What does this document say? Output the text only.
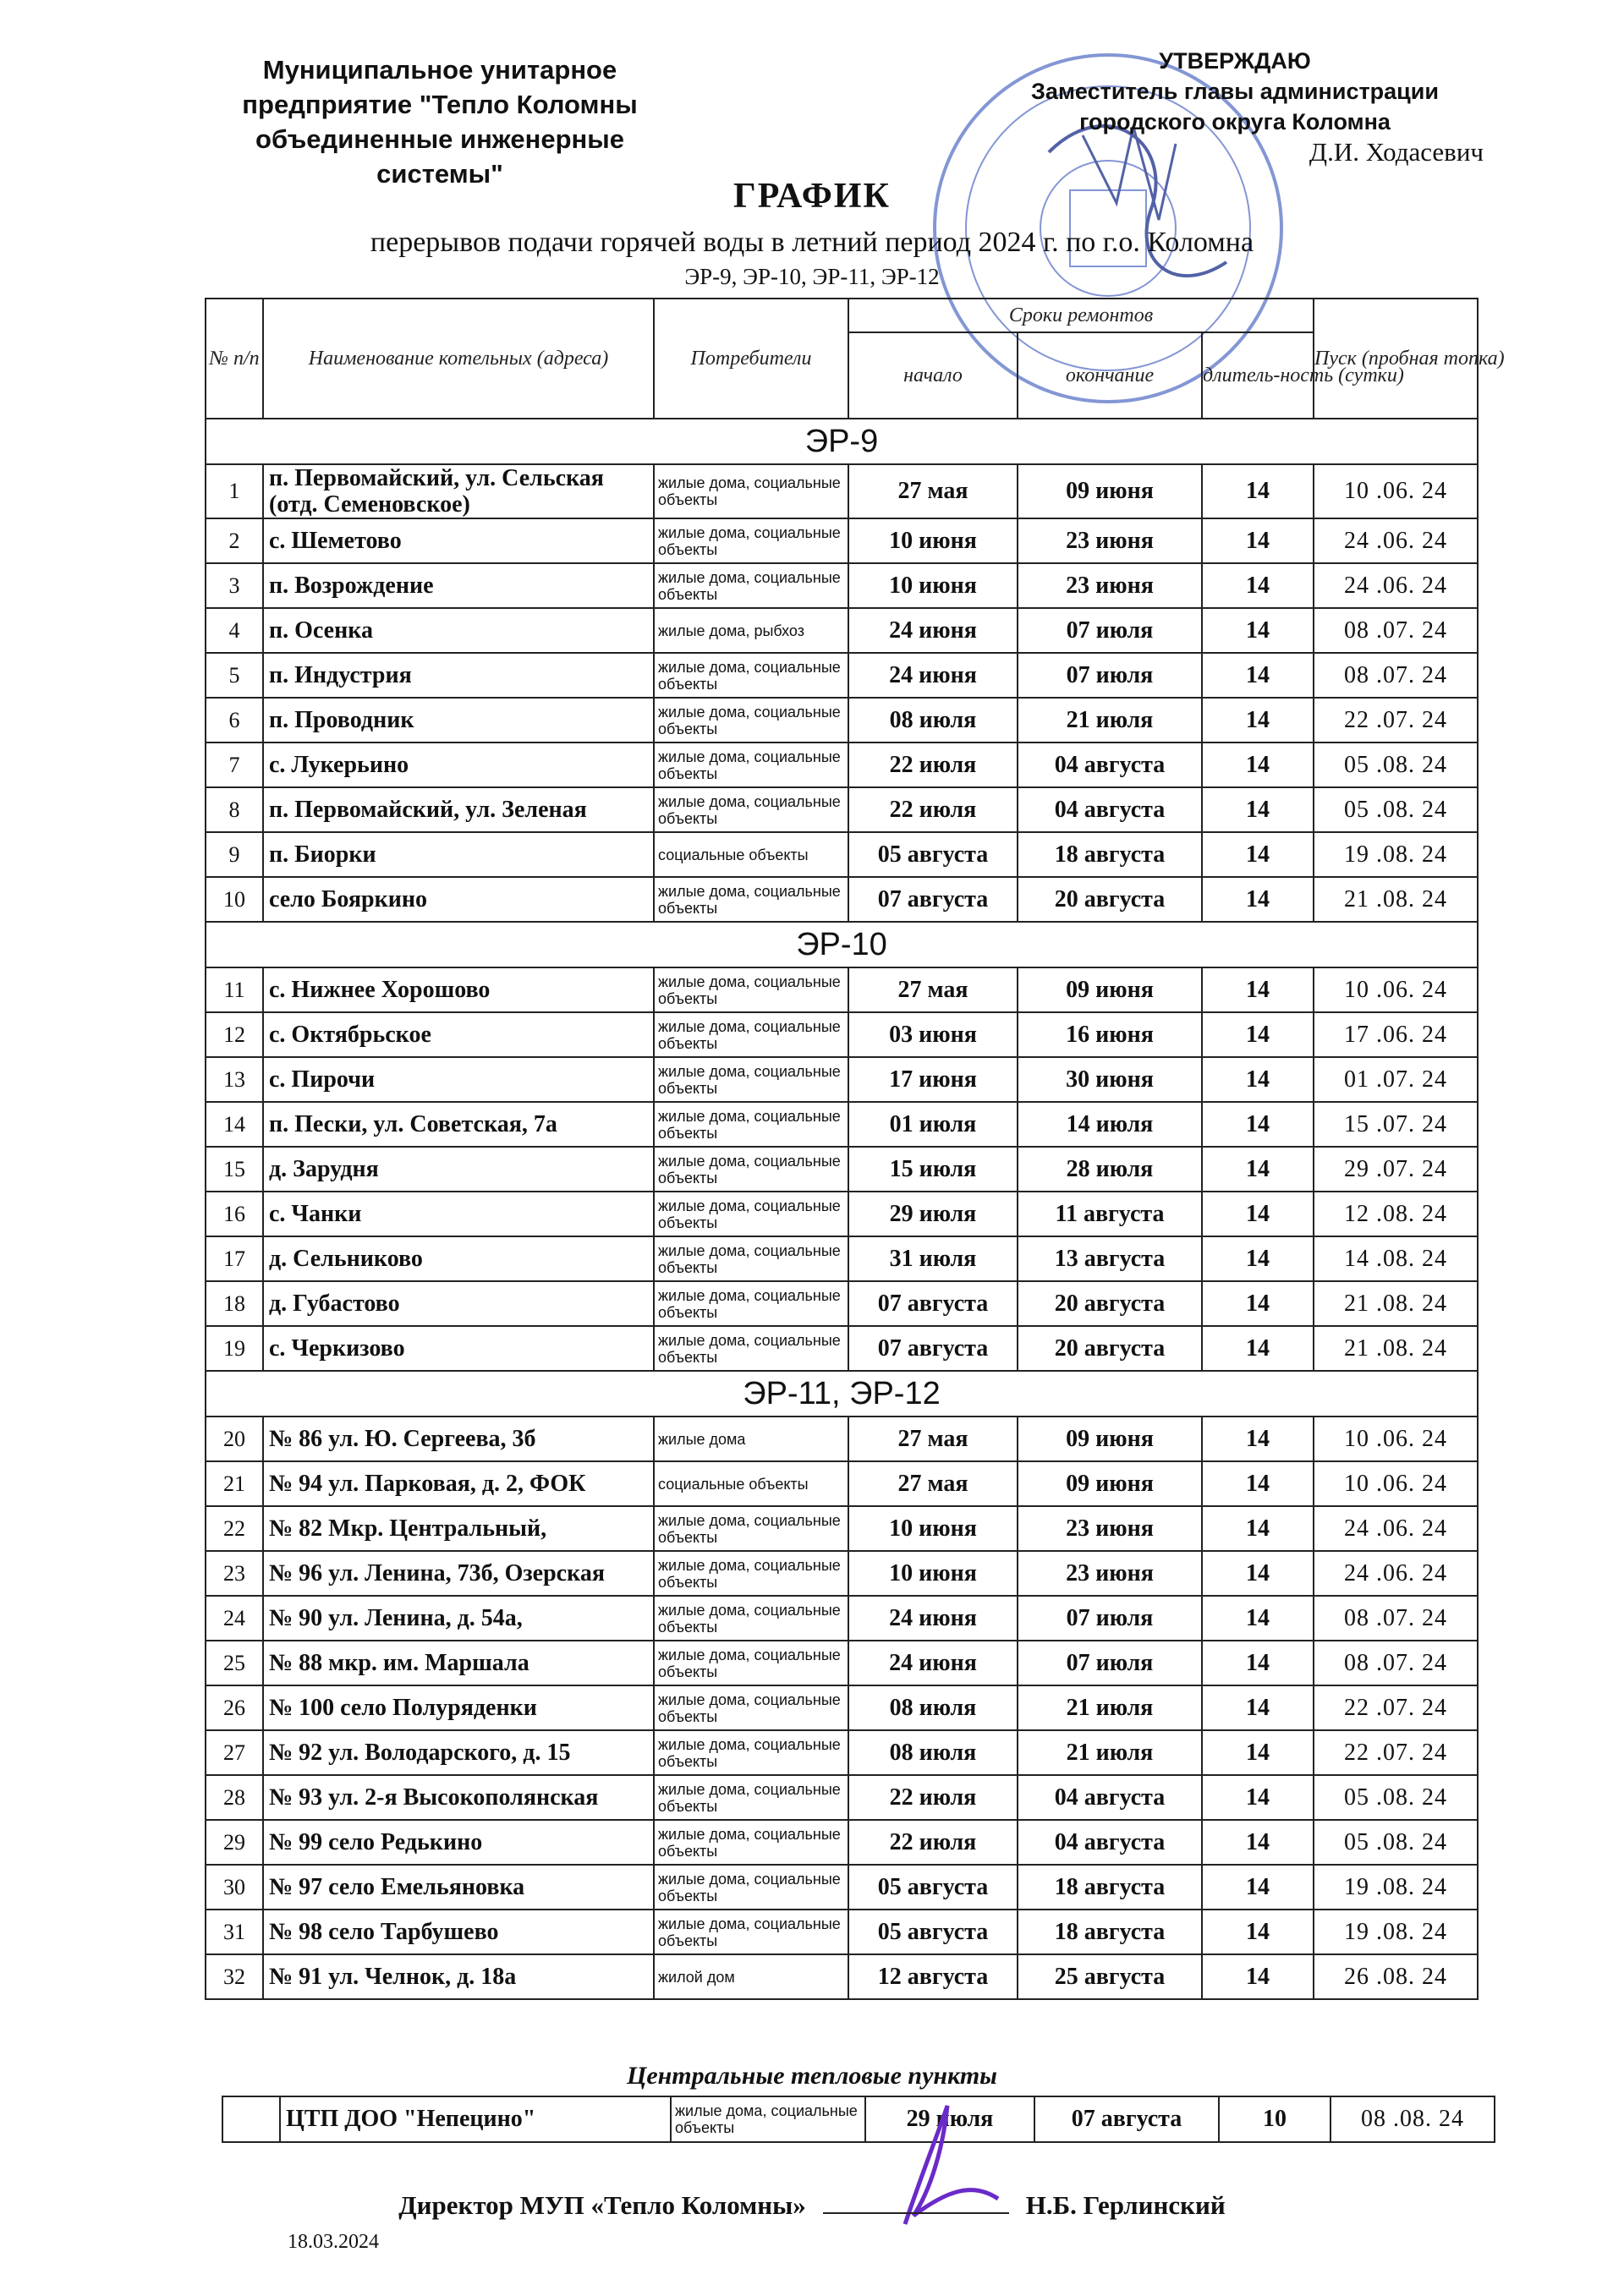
Муниципальное унитарное
предприятие "Тепло Коломны
объединенные инженерные
системы"
УТВЕРЖДАЮ
Заместитель главы администрации
городского округа Коломна
Д.И. Ходасевич
ГРАФИК
перерывов подачи горячей воды в летний период 2024 г. по г.о. Коломна
ЭР-9, ЭР-10, ЭР-11, ЭР-12
№ п/п	Наименование котельных (адреса)	Потребители	Сроки ремонтов			Пуск (пробная топка)
			начало	окончание	длитель-ность (сутки)	
ЭР-9						
1	п. Первомайский, ул. Сельская (отд. Семеновское)	жилые дома, социальные объекты	27 мая	09 июня	14	10 .06. 24
2	с. Шеметово	жилые дома, социальные объекты	10 июня	23 июня	14	24 .06. 24
3	п. Возрождение	жилые дома, социальные объекты	10 июня	23 июня	14	24 .06. 24
4	п. Осенка	жилые дома, рыбхоз	24 июня	07 июля	14	08 .07. 24
5	п. Индустрия	жилые дома, социальные объекты	24 июня	07 июля	14	08 .07. 24
6	п. Проводник	жилые дома, социальные объекты	08 июля	21 июля	14	22 .07. 24
7	с. Лукерьино	жилые дома, социальные объекты	22 июля	04 августа	14	05 .08. 24
8	п. Первомайский, ул. Зеленая	жилые дома, социальные объекты	22 июля	04 августа	14	05 .08. 24
9	п. Биорки	социальные объекты	05 августа	18 августа	14	19 .08. 24
10	село Бояркино	жилые дома, социальные объекты	07 августа	20 августа	14	21 .08. 24
ЭР-10						
11	с. Нижнее Хорошово	жилые дома, социальные объекты	27 мая	09 июня	14	10 .06. 24
12	с. Октябрьское	жилые дома, социальные объекты	03 июня	16 июня	14	17 .06. 24
13	с. Пирочи	жилые дома, социальные объекты	17 июня	30 июня	14	01 .07. 24
14	п. Пески, ул. Советская, 7а	жилые дома, социальные объекты	01 июля	14 июля	14	15 .07. 24
15	д. Зарудня	жилые дома, социальные объекты	15 июля	28 июля	14	29 .07. 24
16	с. Чанки	жилые дома, социальные объекты	29 июля	11 августа	14	12 .08. 24
17	д. Сельниково	жилые дома, социальные объекты	31 июля	13 августа	14	14 .08. 24
18	д. Губастово	жилые дома, социальные объекты	07 августа	20 августа	14	21 .08. 24
19	с. Черкизово	жилые дома, социальные объекты	07 августа	20 августа	14	21 .08. 24
ЭР-11, ЭР-12						
20	№ 86 ул. Ю. Сергеева, 3б	жилые дома	27 мая	09 июня	14	10 .06. 24
21	№ 94 ул. Парковая, д. 2, ФОК	социальные объекты	27 мая	09 июня	14	10 .06. 24
22	№ 82 Мкр. Центральный,	жилые дома, социальные объекты	10 июня	23 июня	14	24 .06. 24
23	№ 96 ул. Ленина, 73б, Озерская	жилые дома, социальные объекты	10 июня	23 июня	14	24 .06. 24
24	№ 90 ул. Ленина, д. 54а,	жилые дома, социальные объекты	24 июня	07 июля	14	08 .07. 24
25	№ 88 мкр. им. Маршала	жилые дома, социальные объекты	24 июня	07 июля	14	08 .07. 24
26	№ 100 село Полуряденки	жилые дома, социальные объекты	08 июля	21 июля	14	22 .07. 24
27	№ 92 ул. Володарского, д. 15	жилые дома, социальные объекты	08 июля	21 июля	14	22 .07. 24
28	№ 93 ул. 2-я Высокополянская	жилые дома, социальные объекты	22 июля	04 августа	14	05 .08. 24
29	№ 99 село Редькино	жилые дома, социальные объекты	22 июля	04 августа	14	05 .08. 24
30	№ 97 село Емельяновка	жилые дома, социальные объекты	05 августа	18 августа	14	19 .08. 24
31	№ 98 село Тарбушево	жилые дома, социальные объекты	05 августа	18 августа	14	19 .08. 24
32	№ 91 ул. Челнок, д. 18а	жилой дом	12 августа	25 августа	14	26 .08. 24
Центральные тепловые пункты
	ЦТП ДОО "Непецино"	жилые дома, социальные объекты	29 июля	07 августа	10	08 .08. 24
Директор МУП «Тепло Коломны»	Н.Б. Герлинский
18.03.2024
